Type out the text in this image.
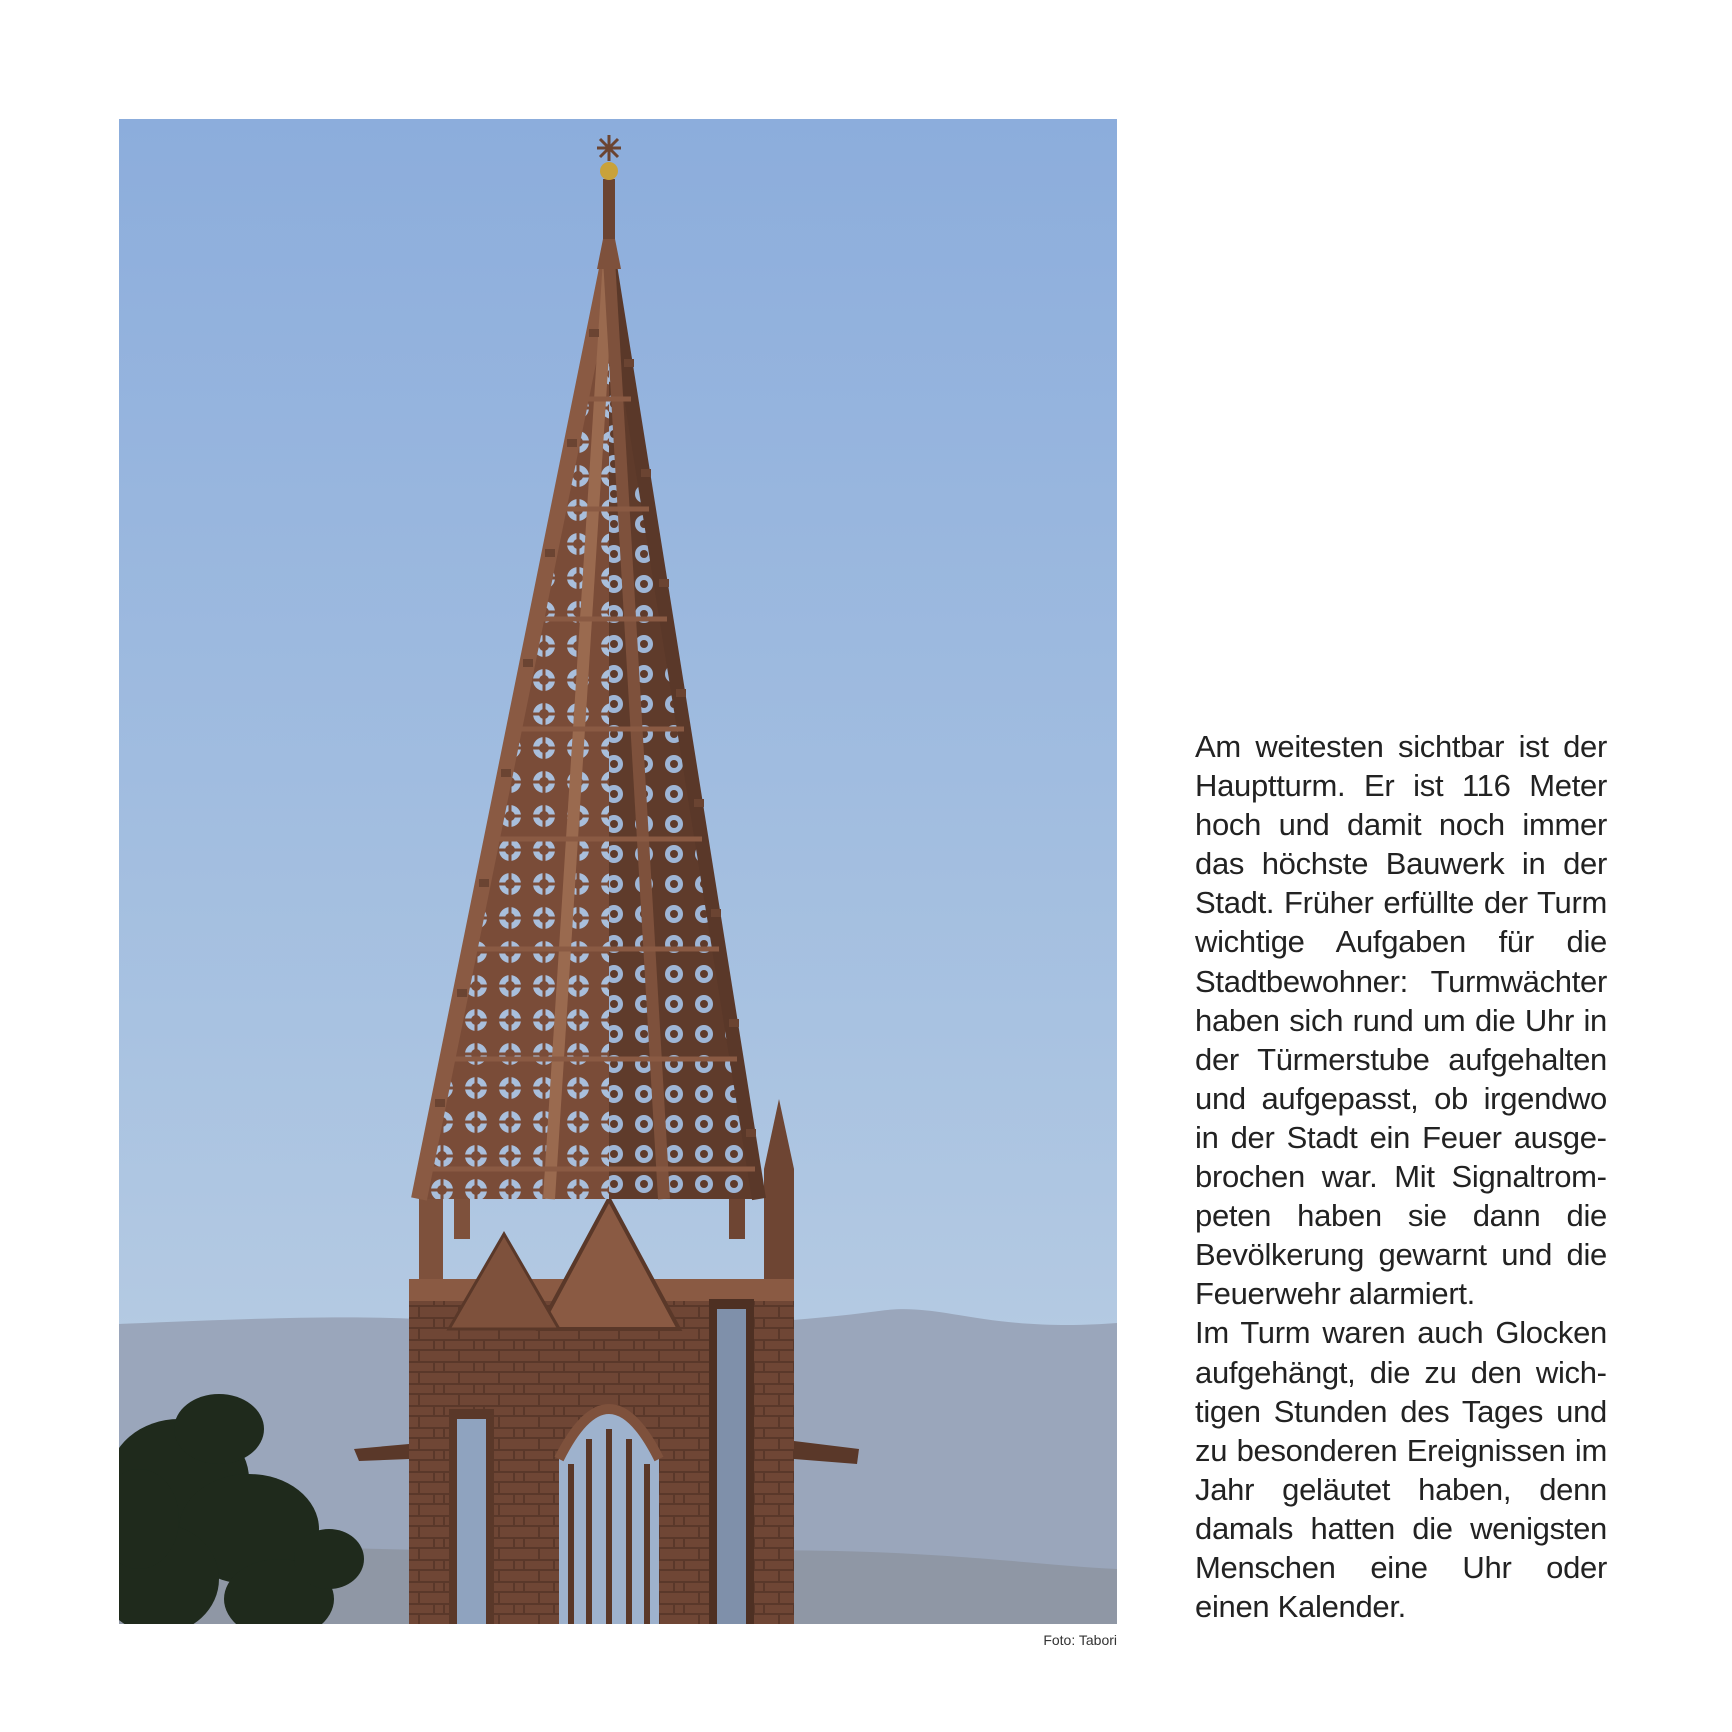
Foto: Tabori

Am weitesten sichtbar ist der Hauptturm. Er ist 116 Meter hoch und damit noch immer das höchste Bauwerk in der Stadt. Früher erfüllte der Turm wichtige Aufgaben für die Stadtbewohner: Turmwächter haben sich rund um die Uhr in der Türmerstube aufgehalten und aufgepasst, ob irgendwo in der Stadt ein Feuer ausgebrochen war. Mit Signaltrompeten haben sie dann die Bevölkerung gewarnt und die Feuerwehr alarmiert.

Im Turm waren auch Glocken aufgehängt, die zu den wichtigen Stunden des Tages und zu besonderen Ereignissen im Jahr geläutet haben, denn damals hatten die wenigsten Menschen eine Uhr oder einen Kalender.
